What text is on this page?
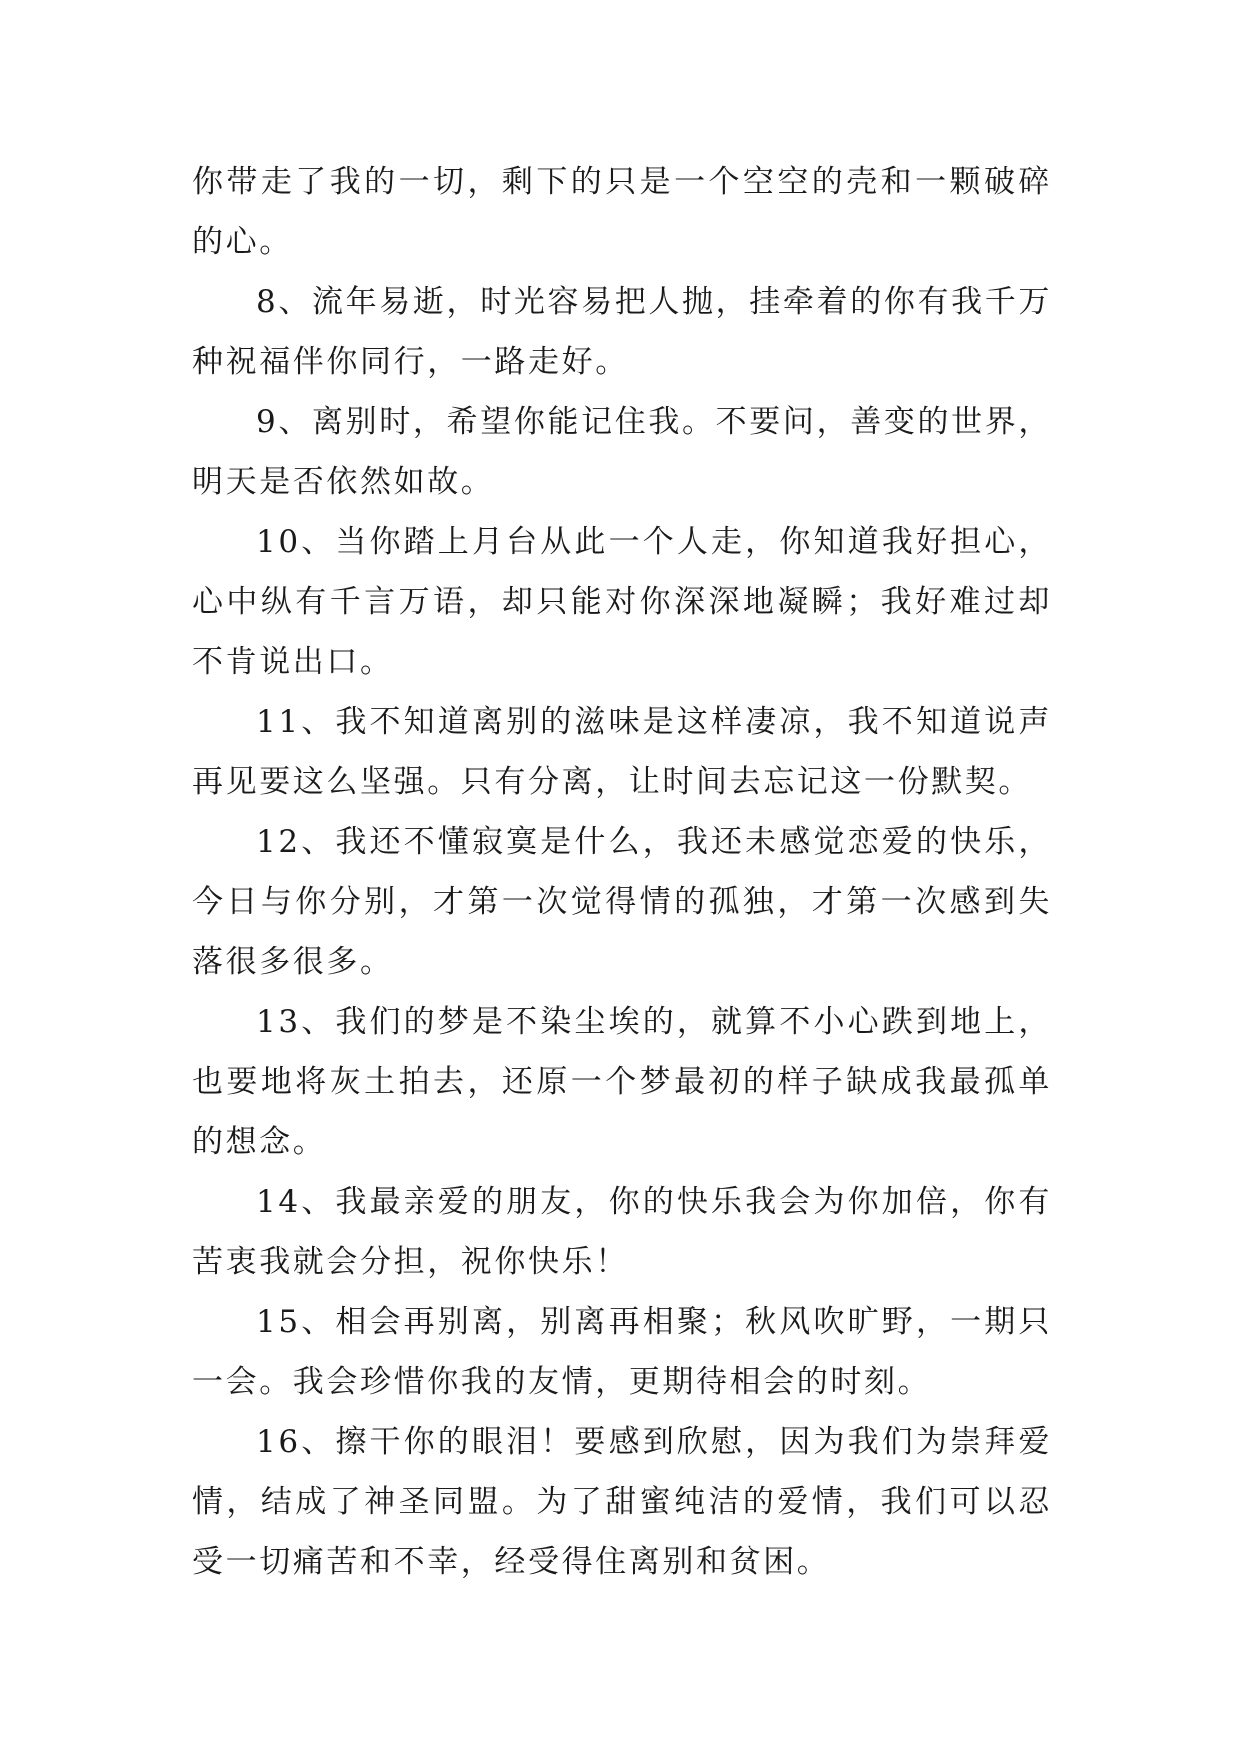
你带走了我的一切，剩下的只是一个空空的壳和一颗破碎的心。

8、流年易逝，时光容易把人抛，挂牵着的你有我千万种祝福伴你同行，一路走好。

9、离别时，希望你能记住我。不要问，善变的世界，明天是否依然如故。

10、当你踏上月台从此一个人走，你知道我好担心，心中纵有千言万语，却只能对你深深地凝瞬；我好难过却不肯说出口。

11、我不知道离别的滋味是这样凄凉，我不知道说声再见要这么坚强。只有分离，让时间去忘记这一份默契。

12、我还不懂寂寞是什么，我还未感觉恋爱的快乐，今日与你分别，才第一次觉得情的孤独，才第一次感到失落很多很多。

13、我们的梦是不染尘埃的，就算不小心跌到地上，也要地将灰土拍去，还原一个梦最初的样子缺成我最孤单的想念。

14、我最亲爱的朋友，你的快乐我会为你加倍，你有苦衷我就会分担，祝你快乐！

15、相会再别离，别离再相聚；秋风吹旷野，一期只一会。我会珍惜你我的友情，更期待相会的时刻。

16、擦干你的眼泪！要感到欣慰，因为我们为崇拜爱情，结成了神圣同盟。为了甜蜜纯洁的爱情，我们可以忍受一切痛苦和不幸，经受得住离别和贫困。
